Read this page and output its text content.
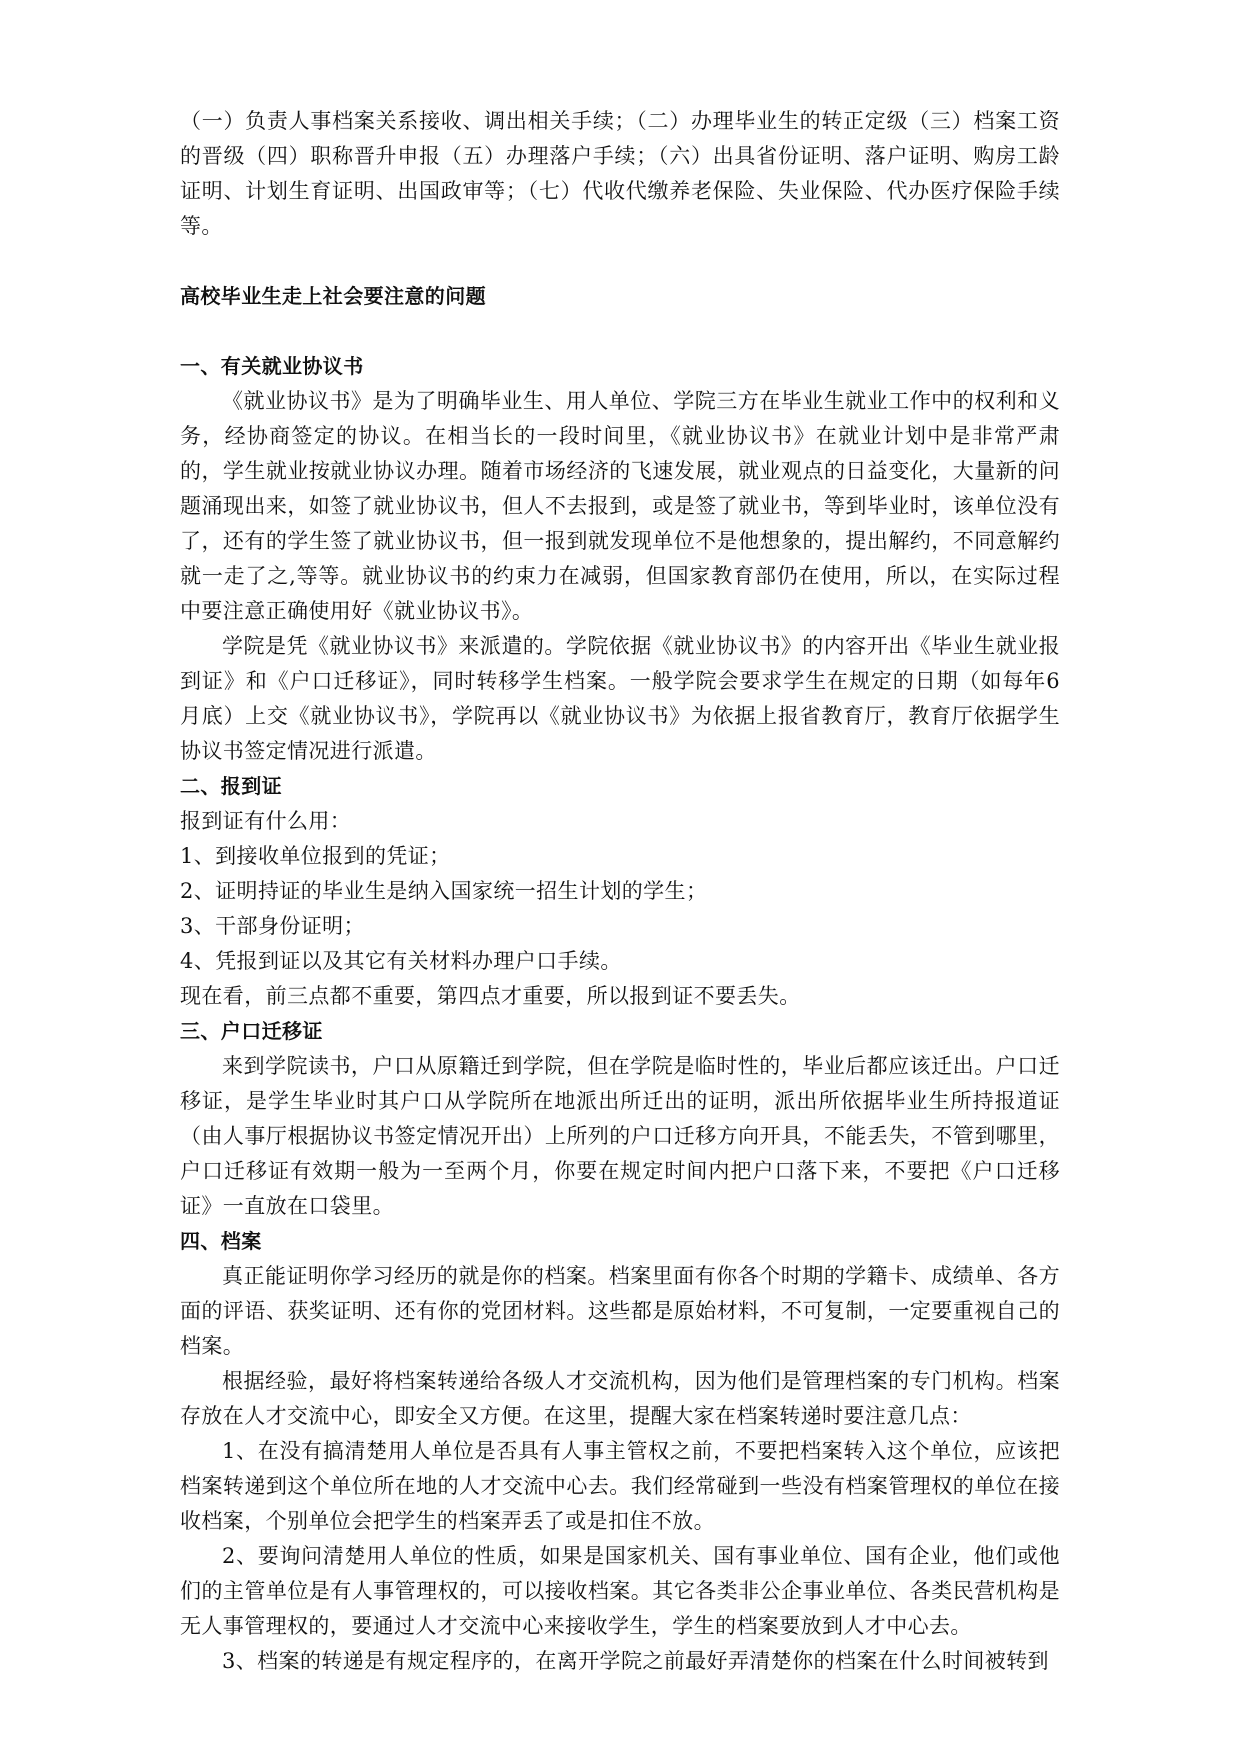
（一）负责人事档案关系接收、调出相关手续；（二）办理毕业生的转正定级（三）档案工资的晋级（四）职称晋升申报（五）办理落户手续；（六）出具省份证明、落户证明、购房工龄证明、计划生育证明、出国政审等；（七）代收代缴养老保险、失业保险、代办医疗保险手续等。

高校毕业生走上社会要注意的问题

一、有关就业协议书

《就业协议书》是为了明确毕业生、用人单位、学院三方在毕业生就业工作中的权利和义务，经协商签定的协议。在相当长的一段时间里，《就业协议书》在就业计划中是非常严肃的，学生就业按就业协议办理。随着市场经济的飞速发展，就业观点的日益变化，大量新的问题涌现出来，如签了就业协议书，但人不去报到，或是签了就业书，等到毕业时，该单位没有了，还有的学生签了就业协议书，但一报到就发现单位不是他想象的，提出解约，不同意解约就一走了之,等等。就业协议书的约束力在减弱，但国家教育部仍在使用，所以，在实际过程中要注意正确使用好《就业协议书》。

学院是凭《就业协议书》来派遣的。学院依据《就业协议书》的内容开出《毕业生就业报到证》和《户口迁移证》，同时转移学生档案。一般学院会要求学生在规定的日期（如每年6月底）上交《就业协议书》，学院再以《就业协议书》为依据上报省教育厅，教育厅依据学生协议书签定情况进行派遣。

二、报到证

报到证有什么用：

1、到接收单位报到的凭证；

2、证明持证的毕业生是纳入国家统一招生计划的学生；

3、干部身份证明；

4、凭报到证以及其它有关材料办理户口手续。

现在看，前三点都不重要，第四点才重要，所以报到证不要丢失。

三、户口迁移证

来到学院读书，户口从原籍迁到学院，但在学院是临时性的，毕业后都应该迁出。户口迁移证，是学生毕业时其户口从学院所在地派出所迁出的证明，派出所依据毕业生所持报道证（由人事厅根据协议书签定情况开出）上所列的户口迁移方向开具，不能丢失，不管到哪里，户口迁移证有效期一般为一至两个月，你要在规定时间内把户口落下来，不要把《户口迁移证》一直放在口袋里。

四、档案

真正能证明你学习经历的就是你的档案。档案里面有你各个时期的学籍卡、成绩单、各方面的评语、获奖证明、还有你的党团材料。这些都是原始材料，不可复制，一定要重视自己的档案。

根据经验，最好将档案转递给各级人才交流机构，因为他们是管理档案的专门机构。档案存放在人才交流中心，即安全又方便。在这里，提醒大家在档案转递时要注意几点：

1、在没有搞清楚用人单位是否具有人事主管权之前，不要把档案转入这个单位，应该把档案转递到这个单位所在地的人才交流中心去。我们经常碰到一些没有档案管理权的单位在接收档案，个别单位会把学生的档案弄丢了或是扣住不放。

2、要询问清楚用人单位的性质，如果是国家机关、国有事业单位、国有企业，他们或他们的主管单位是有人事管理权的，可以接收档案。其它各类非公企事业单位、各类民营机构是无人事管理权的，要通过人才交流中心来接收学生，学生的档案要放到人才中心去。

3、档案的转递是有规定程序的，在离开学院之前最好弄清楚你的档案在什么时间被转到
